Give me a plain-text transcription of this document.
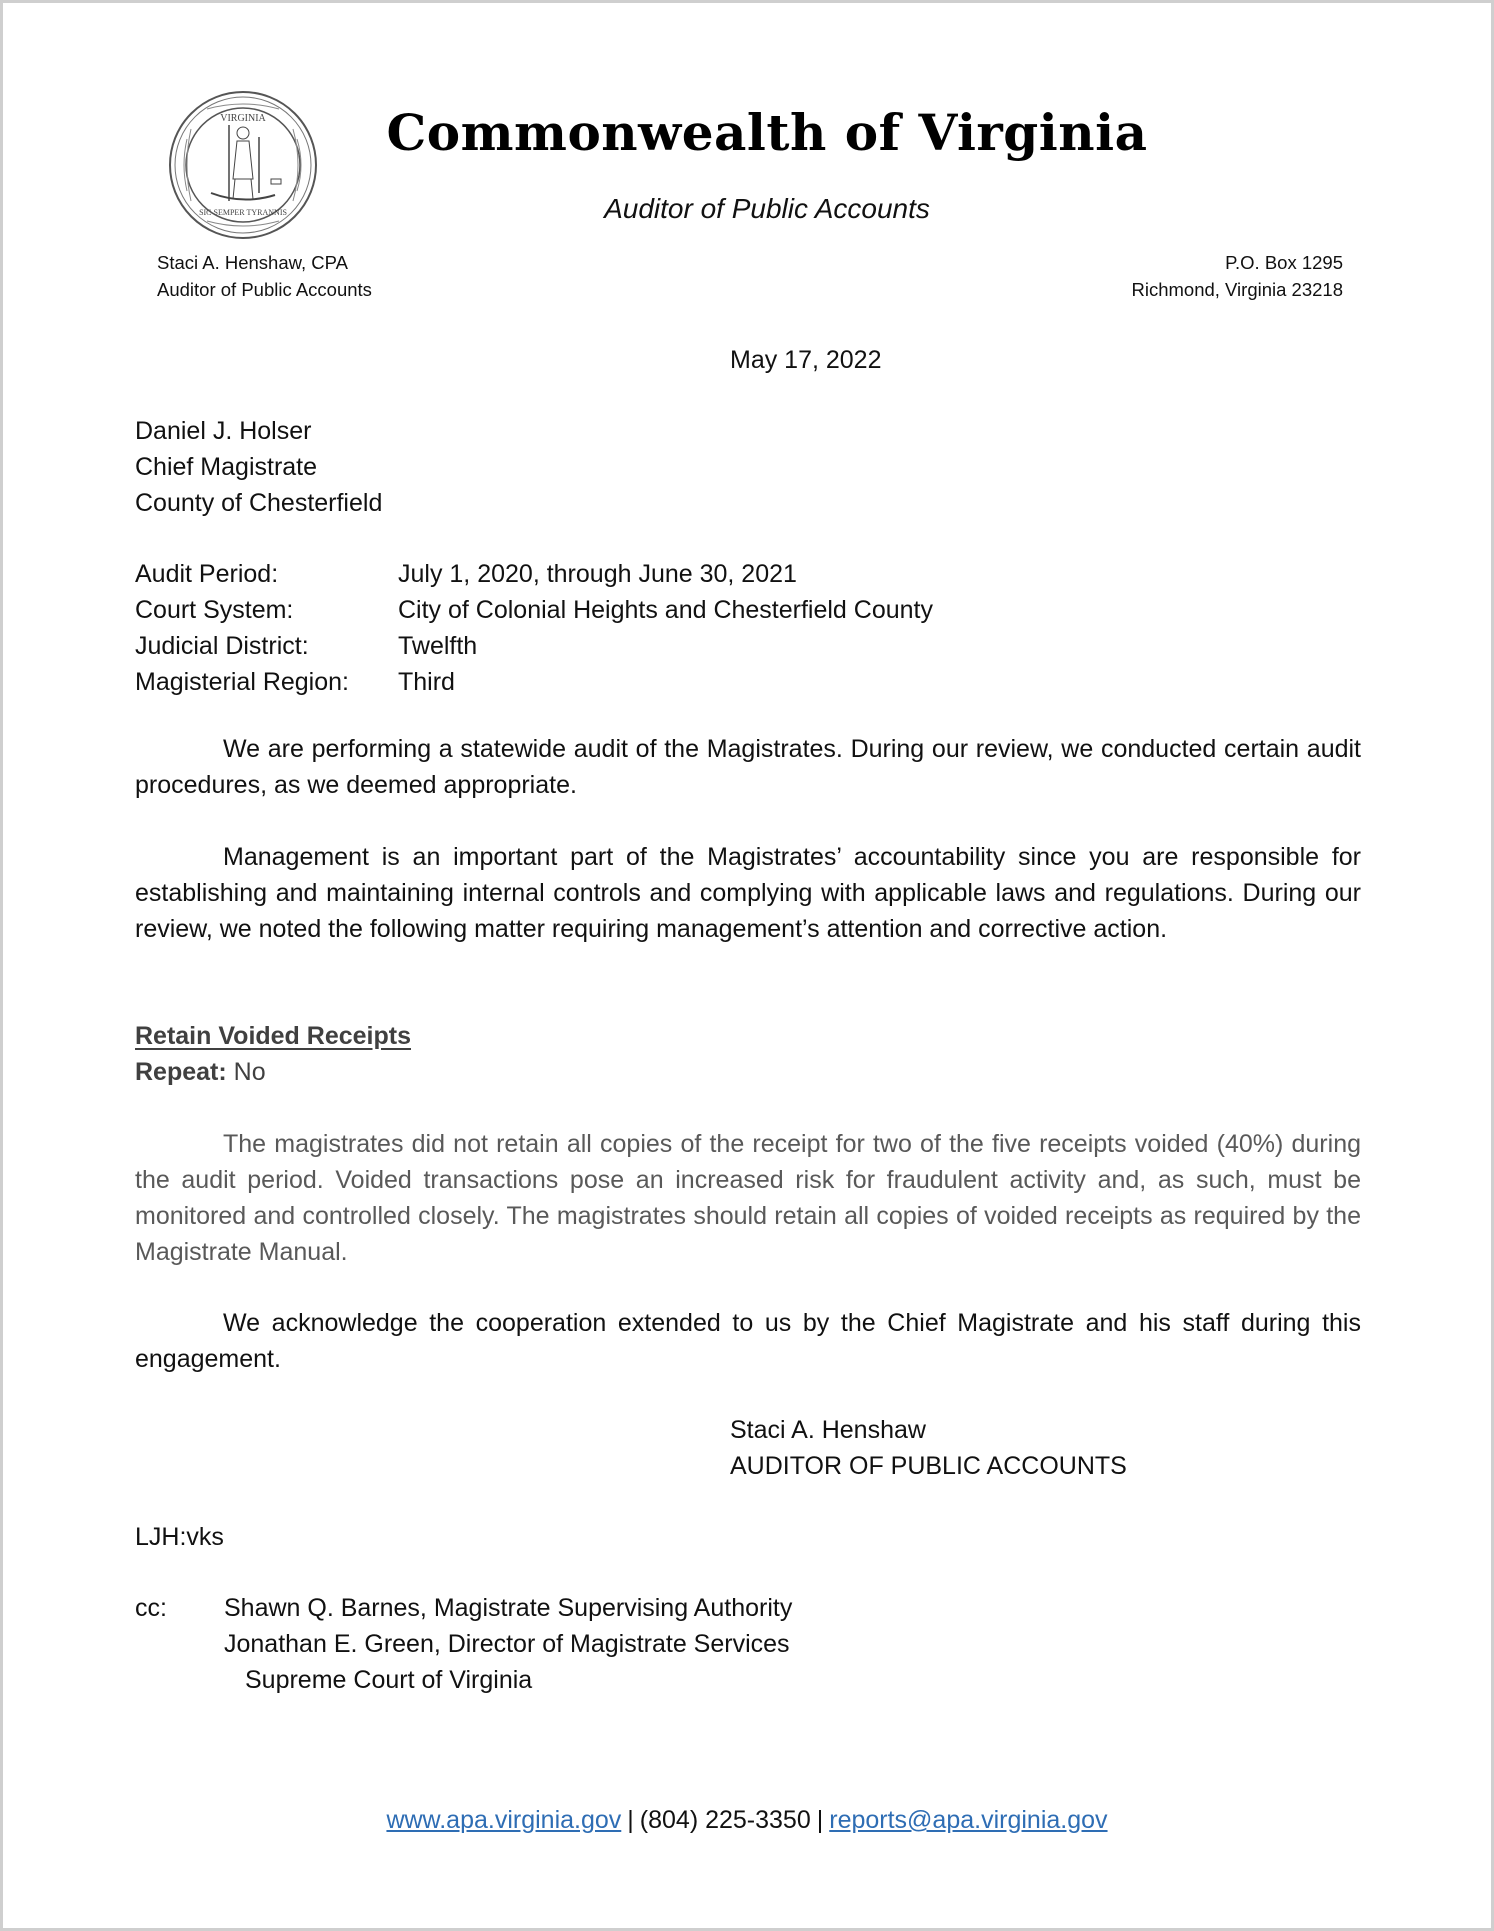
VIRGINIA
SIC SEMPER TYRANNIS
Commonwealth of Virginia
Auditor of Public Accounts
Staci A. Henshaw, CPA
Auditor of Public Accounts
P.O. Box 1295
Richmond, Virginia 23218
May 17, 2022
Daniel J. Holser
Chief Magistrate
County of Chesterfield
Audit Period:	July 1, 2020, through June 30, 2021
Court System:	City of Colonial Heights and Chesterfield County
Judicial District:	Twelfth
Magisterial Region:	Third
We are performing a statewide audit of the Magistrates. During our review, we conducted certain audit procedures, as we deemed appropriate.
Management is an important part of the Magistrates’ accountability since you are responsible for establishing and maintaining internal controls and complying with applicable laws and regulations. During our review, we noted the following matter requiring management’s attention and corrective action.
Retain Voided Receipts
Repeat: No
The magistrates did not retain all copies of the receipt for two of the five receipts voided (40%) during the audit period. Voided transactions pose an increased risk for fraudulent activity and, as such, must be monitored and controlled closely. The magistrates should retain all copies of voided receipts as required by the Magistrate Manual.
We acknowledge the cooperation extended to us by the Chief Magistrate and his staff during this engagement.
Staci A. Henshaw
AUDITOR OF PUBLIC ACCOUNTS
LJH:vks
cc:	Shawn Q. Barnes, Magistrate Supervising Authority
Jonathan E. Green, Director of Magistrate Services
Supreme Court of Virginia
www.apa.virginia.gov | (804) 225-3350 | reports@apa.virginia.gov
